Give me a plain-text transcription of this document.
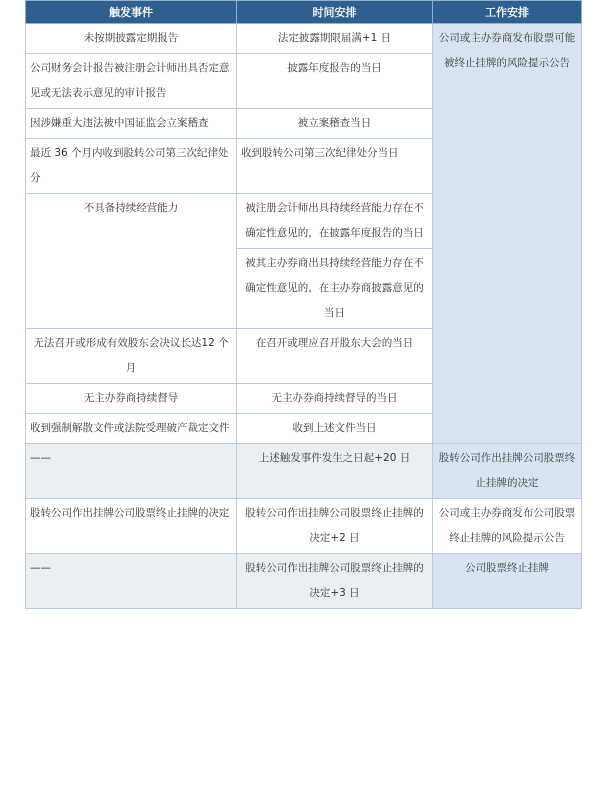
触发事件	时间安排	工作安排
未按期披露定期报告	法定披露期限届满+1 日	公司或主办券商发布股票可能被终止挂牌的风险提示公告
公司财务会计报告被注册会计师出具否定意见或无法表示意见的审计报告	披露年度报告的当日	
因涉嫌重大违法被中国证监会立案稽查	被立案稽查当日	
最近 36 个月内收到股转公司第三次纪律处分	收到股转公司第三次纪律处分当日	
不具备持续经营能力	被注册会计师出具持续经营能力存在不确定性意见的，在披露年度报告的当日	
	被其主办券商出具持续经营能力存在不确定性意见的，在主办券商披露意见的当日	
无法召开或形成有效股东会决议长达12 个月	在召开或理应召开股东大会的当日	
无主办券商持续督导	无主办券商持续督导的当日	
收到强制解散文件或法院受理破产裁定文件	收到上述文件当日	
——	上述触发事件发生之日起+20 日	股转公司作出挂牌公司股票终止挂牌的决定
股转公司作出挂牌公司股票终止挂牌的决定	股转公司作出挂牌公司股票终止挂牌的决定+2 日	公司或主办券商发布公司股票终止挂牌的风险提示公告
——	股转公司作出挂牌公司股票终止挂牌的决定+3 日	公司股票终止挂牌
